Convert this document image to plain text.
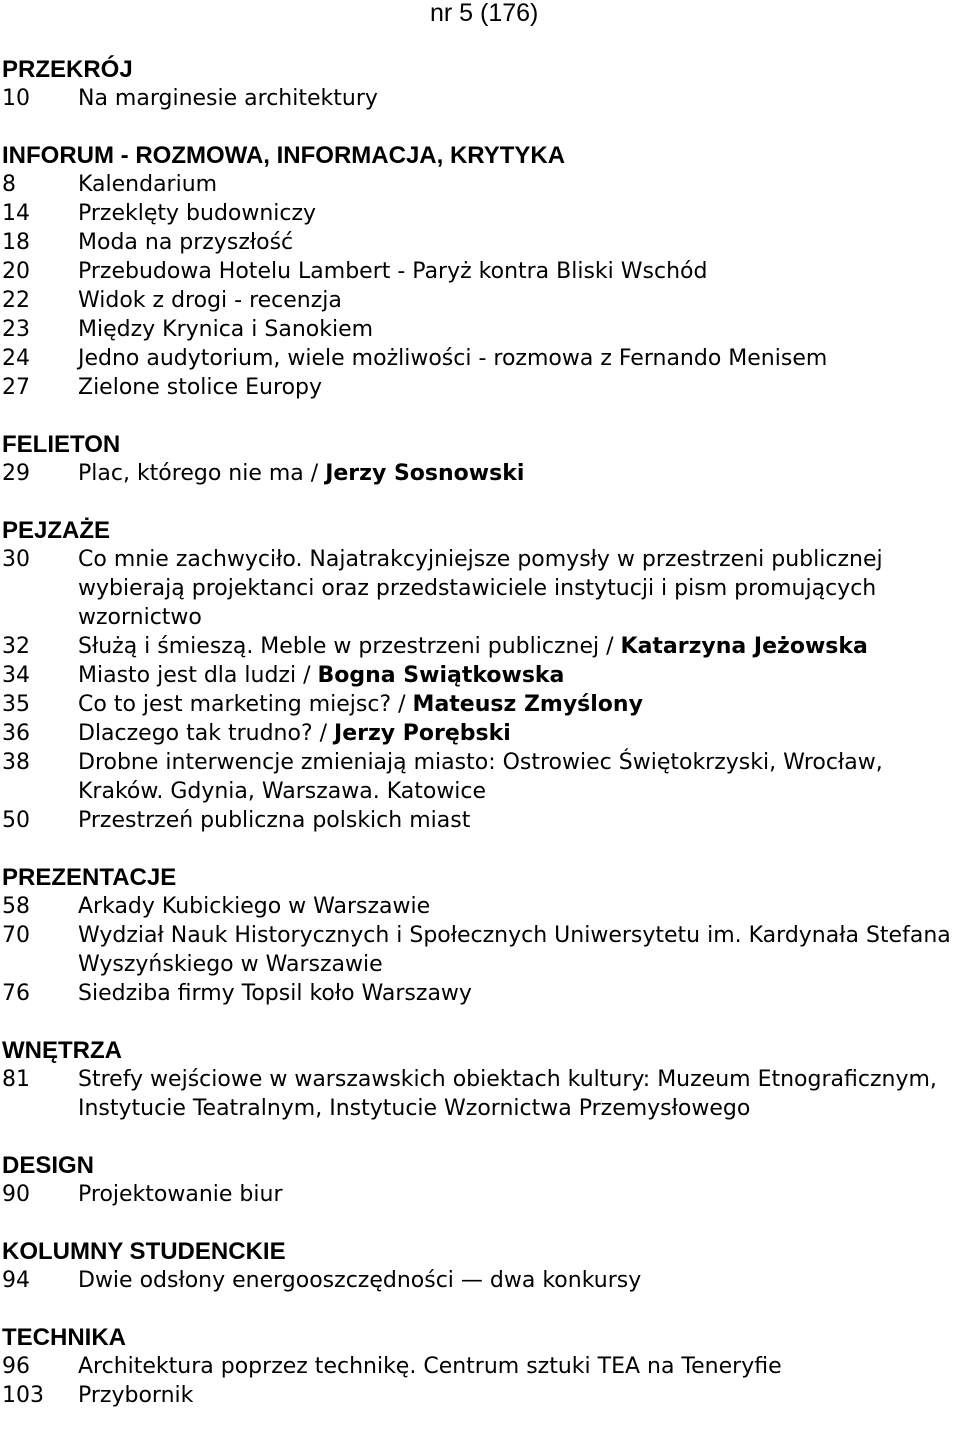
nr 5 (176)
PRZEKRÓJ
10	Na marginesie architektury
INFORUM - ROZMOWA, INFORMACJA, KRYTYKA
8	Kalendarium
14	Przeklęty budowniczy
18	Moda na przyszłość
20	Przebudowa Hotelu Lambert - Paryż kontra Bliski Wschód
22	Widok z drogi - recenzja
23	Między Krynica i Sanokiem
24	Jedno audytorium, wiele możliwości - rozmowa z Fernando Menisem
27	Zielone stolice Europy
FELIETON
29	Plac, którego nie ma / Jerzy Sosnowski
PEJZAŻE
30	Co mnie zachwyciło. Najatrakcyjniejsze pomysły w przestrzeni publicznej wybierają projektanci oraz przedstawiciele instytucji i pism promujących wzornictwo
32	Służą i śmieszą. Meble w przestrzeni publicznej / Katarzyna Jeżowska
34	Miasto jest dla ludzi / Bogna Swiątkowska
35	Co to jest marketing miejsc? / Mateusz Zmyślony
36	Dlaczego tak trudno? / Jerzy Porębski
38	Drobne interwencje zmieniają miasto: Ostrowiec Świętokrzyski, Wrocław, Kraków. Gdynia, Warszawa. Katowice
50	Przestrzeń publiczna polskich miast
PREZENTACJE
58	Arkady Kubickiego w Warszawie
70	Wydział Nauk Historycznych i Społecznych Uniwersytetu im. Kardynała Stefana Wyszyńskiego w Warszawie
76	Siedziba firmy Topsil koło Warszawy
WNĘTRZA
81	Strefy wejściowe w warszawskich obiektach kultury: Muzeum Etnograficznym, Instytucie Teatralnym, Instytucie Wzornictwa Przemysłowego
DESIGN
90	Projektowanie biur
KOLUMNY STUDENCKIE
94	Dwie odsłony energooszczędności — dwa konkursy
TECHNIKA
96	Architektura poprzez technikę. Centrum sztuki TEA na Teneryfie
103	Przybornik
